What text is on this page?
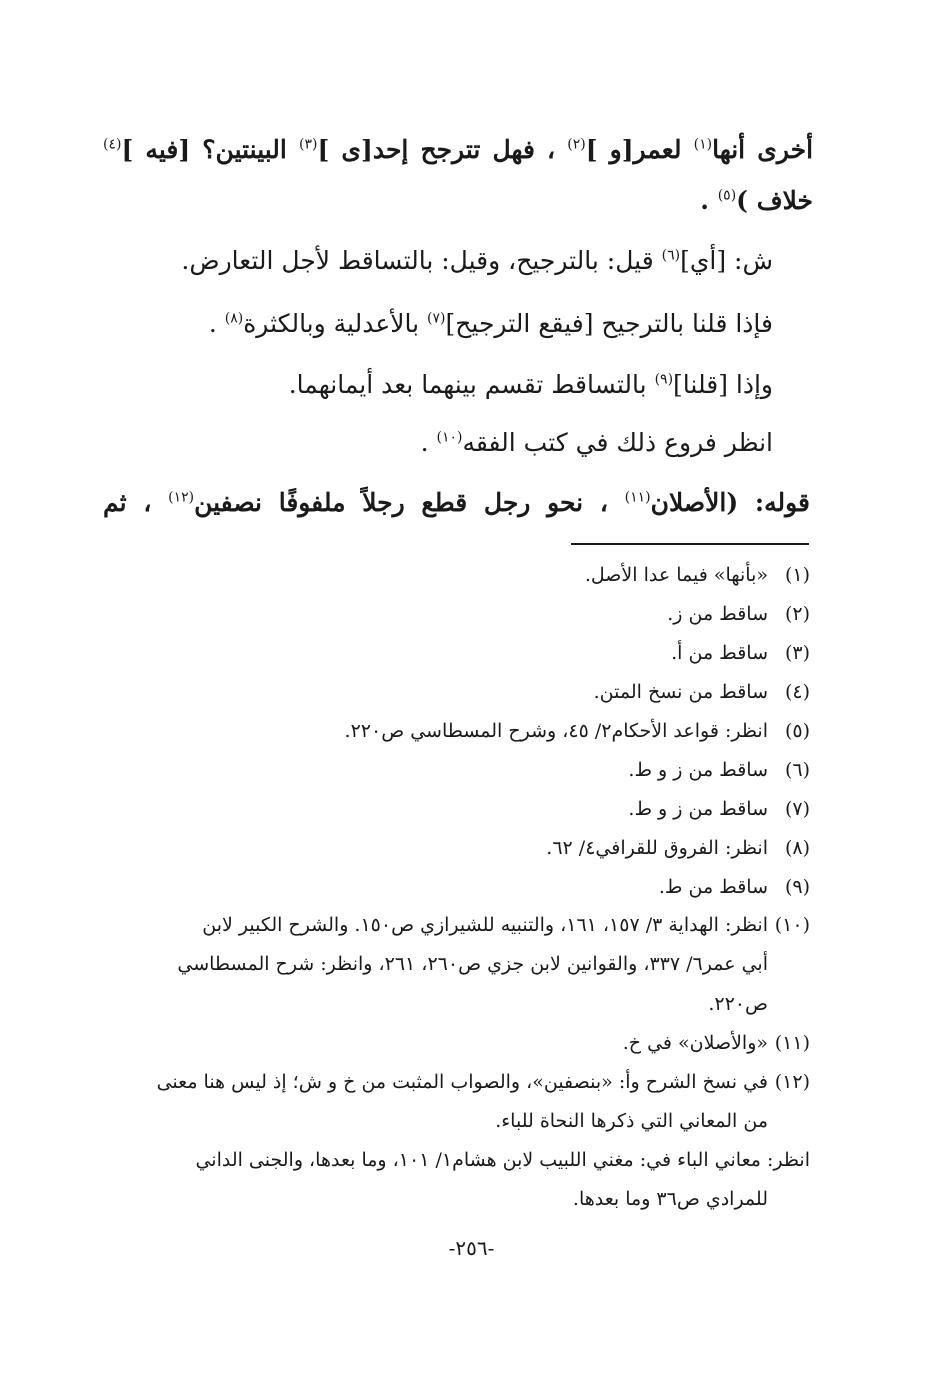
أخرى أنها$^{(١)}$ لعمر[و ]$^{(٢)}$ ، فهل تترجح إحد[ى ]$^{(٣)}$ البينتين؟ [فيه ]$^{(٤)}$
خلاف )$^{(٥)}$ .
ش: [أي]$^{(٦)}$ قيل: بالترجيح، وقيل: بالتساقط لأجل التعارض.
فإذا قلنا بالترجيح [فيقع الترجيح]$^{(٧)}$ بالأعدلية وبالكثرة$^{(٨)}$ .
وإذا [قلنا]$^{(٩)}$ بالتساقط تقسم بينهما بعد أيمانهما.
انظر فروع ذلك في كتب الفقه$^{(١٠)}$ .
قوله: (الأصلان$^{(١١)}$ ، نحو رجل قطع رجلاً ملفوفًا نصفين$^{(١٢)}$ ، ثم
(١)«بأنها» فيما عدا الأصل.
(٢)ساقط من ز.
(٣)ساقط من أ.
(٤)ساقط من نسخ المتن.
(٥)انظر: قواعد الأحكام٢/ ٤٥، وشرح المسطاسي ص٢٢٠.
(٦)ساقط من ز و ط.
(٧)ساقط من ز و ط.
(٨)انظر: الفروق للقرافي٤/ ٦٢.
(٩)ساقط من ط.
(١٠)انظر: الهداية ٣/ ١٥٧، ١٦١، والتنبيه للشيرازي ص١٥٠. والشرح الكبير لابن
أبي عمر٦/ ٣٣٧، والقوانين لابن جزي ص٢٦٠، ٢٦١، وانظر: شرح المسطاسي
ص٢٢٠.
(١١)«والأصلان» في خ.
(١٢)في نسخ الشرح وأ: «بنصفين»، والصواب المثبت من خ و ش؛ إذ ليس هنا معنى
من المعاني التي ذكرها النحاة للباء.
انظر: معاني الباء في: مغني اللبيب لابن هشام١/ ١٠١، وما بعدها، والجنى الداني
للمرادي ص٣٦ وما بعدها.
-٢٥٦-
